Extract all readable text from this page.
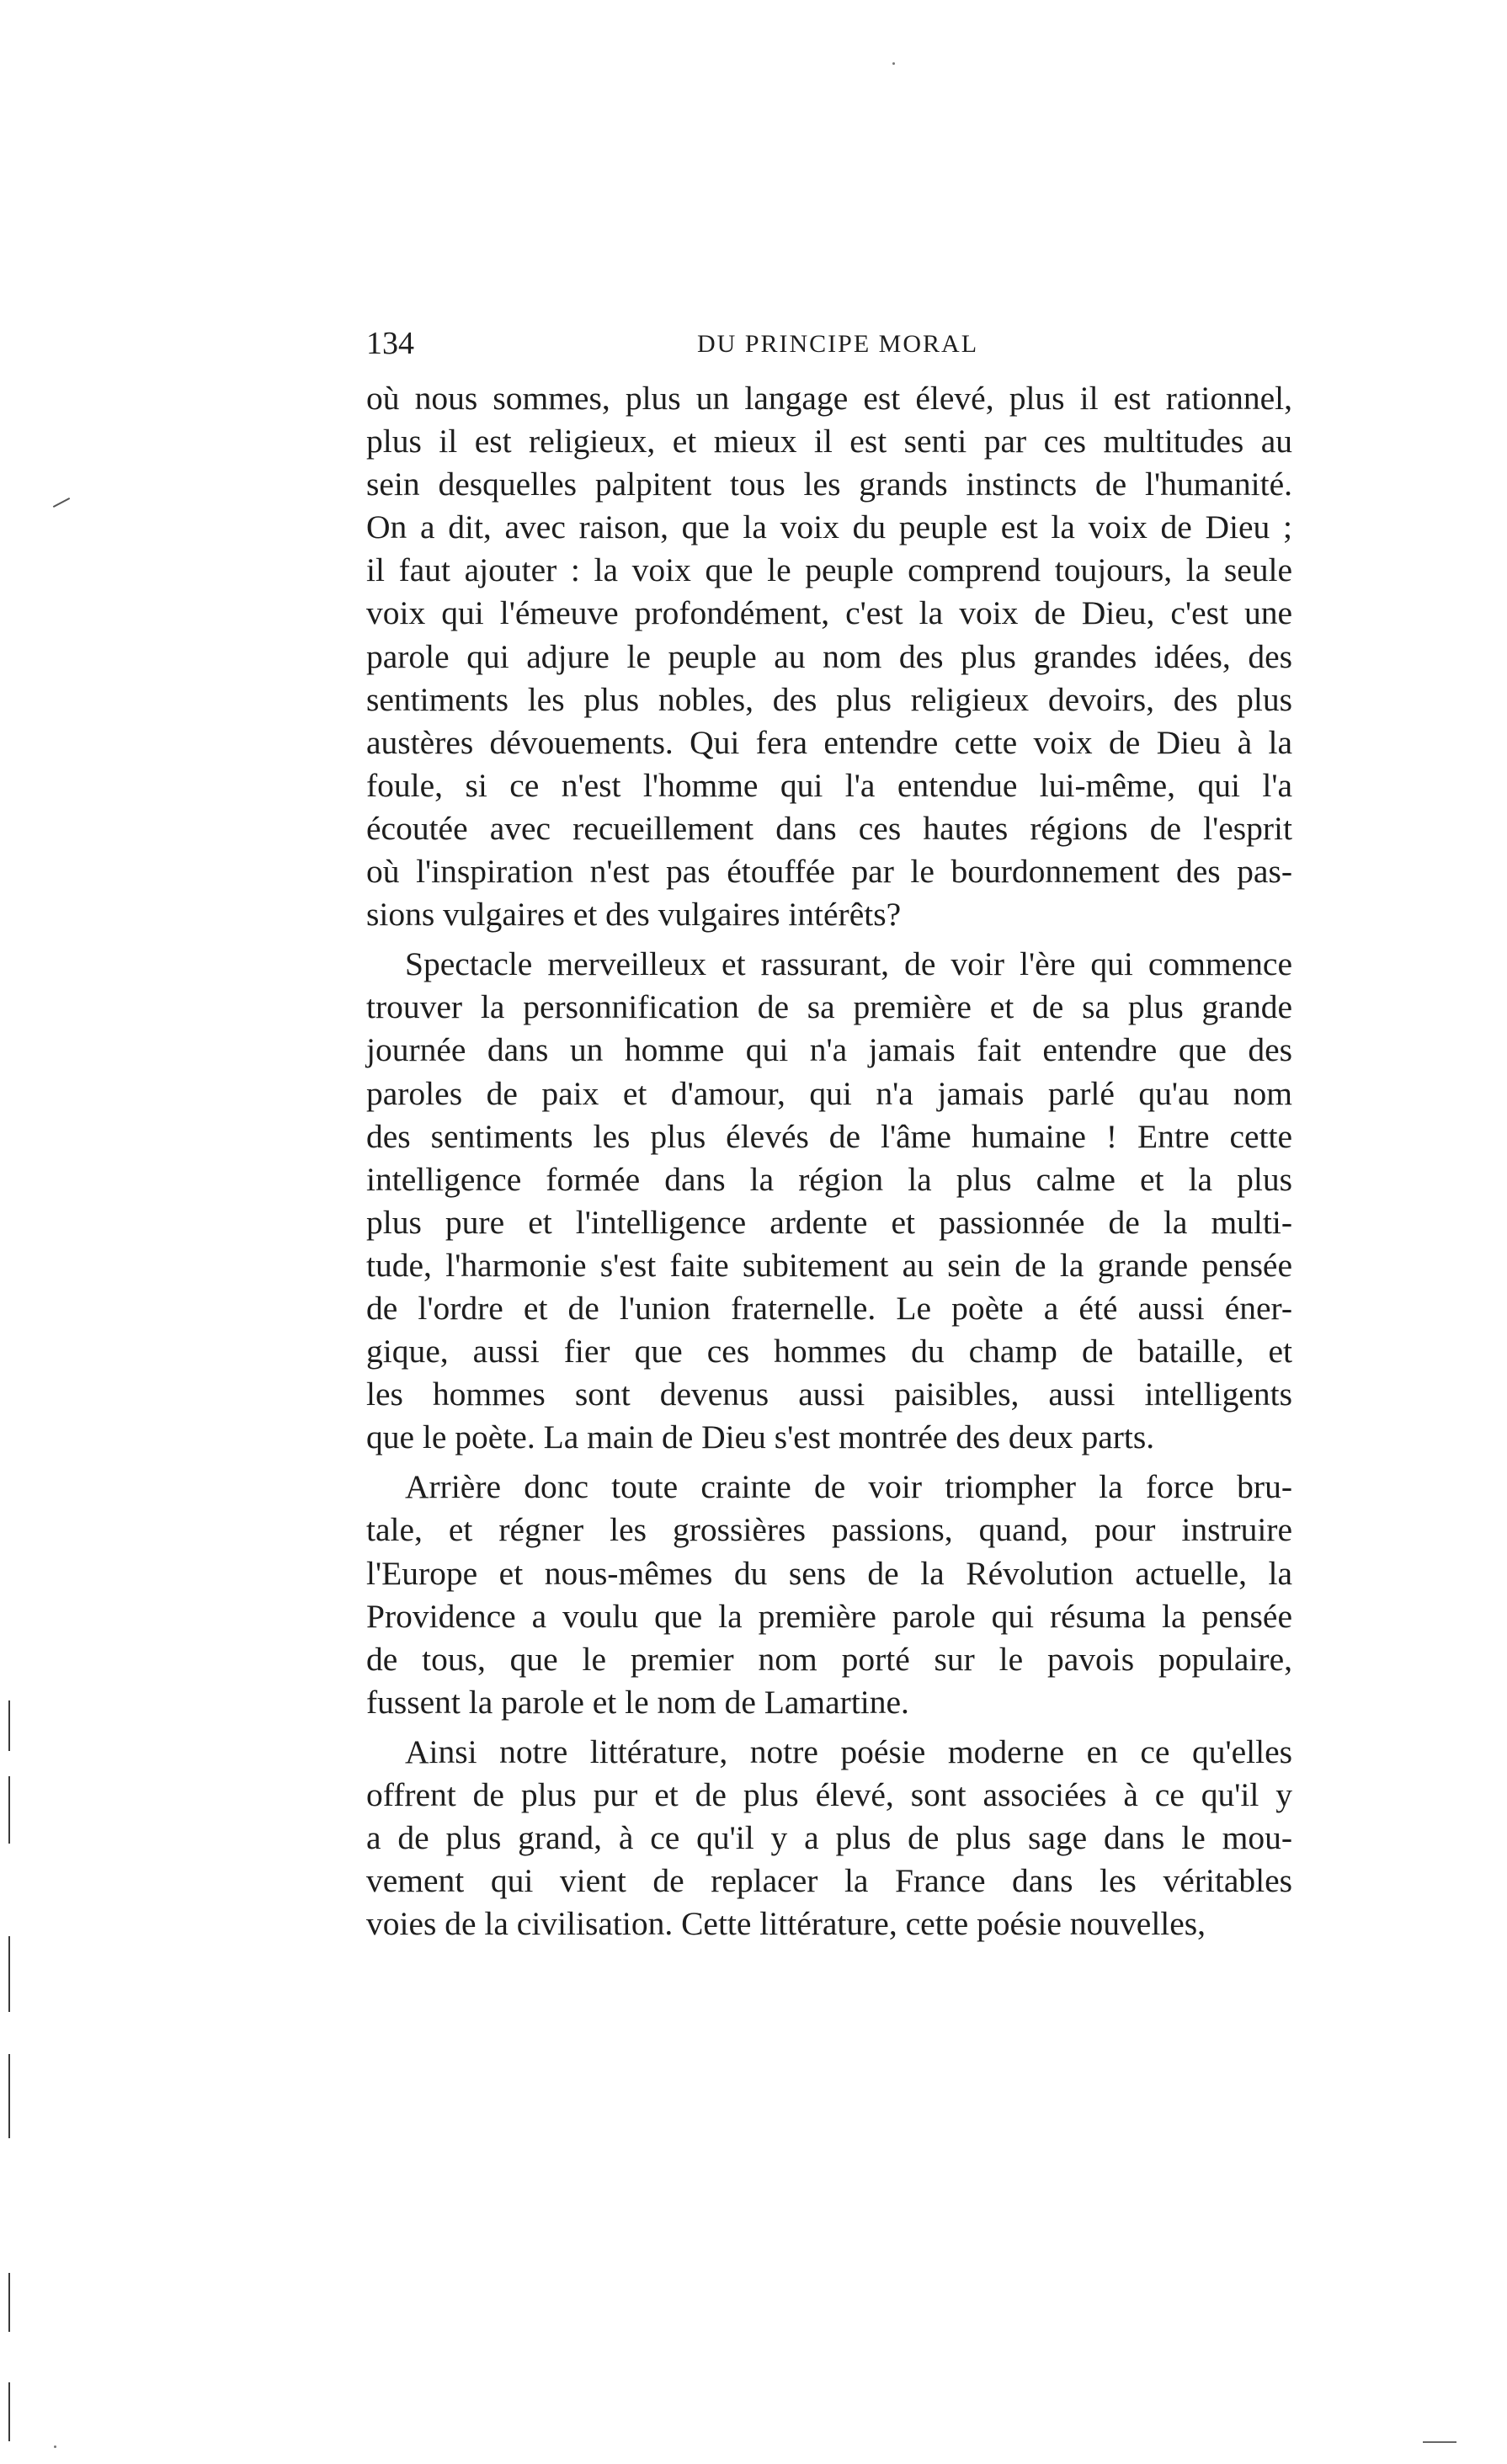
134	DU PRINCIPE MORAL
où nous sommes, plus un langage est élevé, plus il est rationnel,
plus il est religieux, et mieux il est senti par ces multitudes au
sein desquelles palpitent tous les grands instincts de l'humanité.
On a dit, avec raison, que la voix du peuple est la voix de Dieu ;
il faut ajouter : la voix que le peuple comprend toujours, la seule
voix qui l'émeuve profondément, c'est la voix de Dieu, c'est une
parole qui adjure le peuple au nom des plus grandes idées, des
sentiments les plus nobles, des plus religieux devoirs, des plus
austères dévouements. Qui fera entendre cette voix de Dieu à la
foule, si ce n'est l'homme qui l'a entendue lui-même, qui l'a
écoutée avec recueillement dans ces hautes régions de l'esprit
où l'inspiration n'est pas étouffée par le bourdonnement des pas-
sions vulgaires et des vulgaires intérêts?
Spectacle merveilleux et rassurant, de voir l'ère qui commence
trouver la personnification de sa première et de sa plus grande
journée dans un homme qui n'a jamais fait entendre que des
paroles de paix et d'amour, qui n'a jamais parlé qu'au nom
des sentiments les plus élevés de l'âme humaine ! Entre cette
intelligence formée dans la région la plus calme et la plus
plus pure et l'intelligence ardente et passionnée de la multi-
tude, l'harmonie s'est faite subitement au sein de la grande pensée
de l'ordre et de l'union fraternelle. Le poète a été aussi éner-
gique, aussi fier que ces hommes du champ de bataille, et
les hommes sont devenus aussi paisibles, aussi intelligents
que le poète. La main de Dieu s'est montrée des deux parts.
Arrière donc toute crainte de voir triompher la force bru-
tale, et régner les grossières passions, quand, pour instruire
l'Europe et nous-mêmes du sens de la Révolution actuelle, la
Providence a voulu que la première parole qui résuma la pensée
de tous, que le premier nom porté sur le pavois populaire,
fussent la parole et le nom de Lamartine.
Ainsi notre littérature, notre poésie moderne en ce qu'elles
offrent de plus pur et de plus élevé, sont associées à ce qu'il y
a de plus grand, à ce qu'il y a plus de plus sage dans le mou-
vement qui vient de replacer la France dans les véritables
voies de la civilisation. Cette littérature, cette poésie nouvelles,
